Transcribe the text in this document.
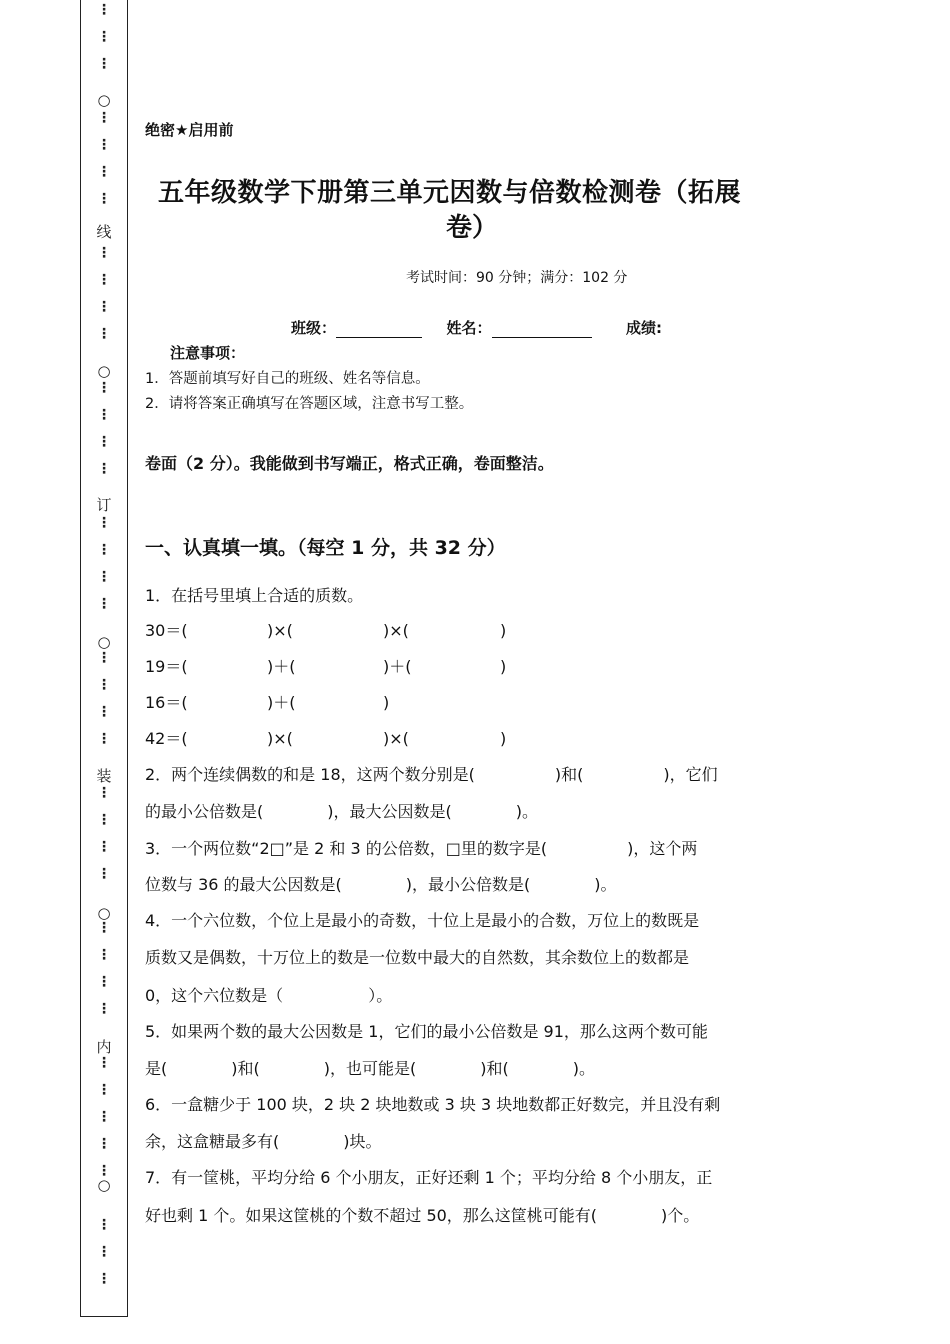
⋮
⋮
⋮
⋮
⋮
⋮
⋮
⋮
⋮
⋮
⋮
⋮
⋮
⋮
⋮
⋮
⋮
⋮
⋮
⋮
⋮
⋮
⋮
⋮
⋮
⋮
⋮
⋮
⋮
⋮
⋮
⋮
⋮
⋮
⋮
⋮
⋮
⋮
⋮
○
○
○
○
○
线
订
装
内
绝密★启用前
五年级数学下册第三单元因数与倍数检测卷（拓展
卷）
考试时间：90 分钟；满分：102 分
班级：	姓名：	成绩:
注意事项：
1．答题前填写好自己的班级、姓名等信息。
2．请将答案正确填写在答题区域，注意书写工整。
卷面（2 分）。我能做到书写端正，格式正确，卷面整洁。
一、认真填一填。（每空 1 分，共 32 分）
1．在括号里填上合适的质数。
30＝(	)×(	)×(	)
19＝(	)＋(	)＋(	)
16＝(	)＋(	)
42＝(	)×(	)×(	)
2．两个连续偶数的和是 18，这两个数分别是(　　　　　)和(　　　　　)，它们
的最小公倍数是(　　　　)，最大公因数是(　　　　)。
3．一个两位数“2□”是 2 和 3 的公倍数，□里的数字是(　　　　　)，这个两
位数与 36 的最大公因数是(　　　　)，最小公倍数是(　　　　)。
4．一个六位数，个位上是最小的奇数，十位上是最小的合数，万位上的数既是
质数又是偶数，十万位上的数是一位数中最大的自然数，其余数位上的数都是
0，这个六位数是（　　　　　 ）。
5．如果两个数的最大公因数是 1，它们的最小公倍数是 91，那么这两个数可能
是(　　　　)和(　　　　)，也可能是(　　　　)和(　　　　)。
6．一盒糖少于 100 块，2 块 2 块地数或 3 块 3 块地数都正好数完，并且没有剩
余，这盒糖最多有(　　　　)块。
7．有一筐桃，平均分给 6 个小朋友，正好还剩 1 个；平均分给 8 个小朋友，正
好也剩 1 个。如果这筐桃的个数不超过 50，那么这筐桃可能有(　　　　)个。
